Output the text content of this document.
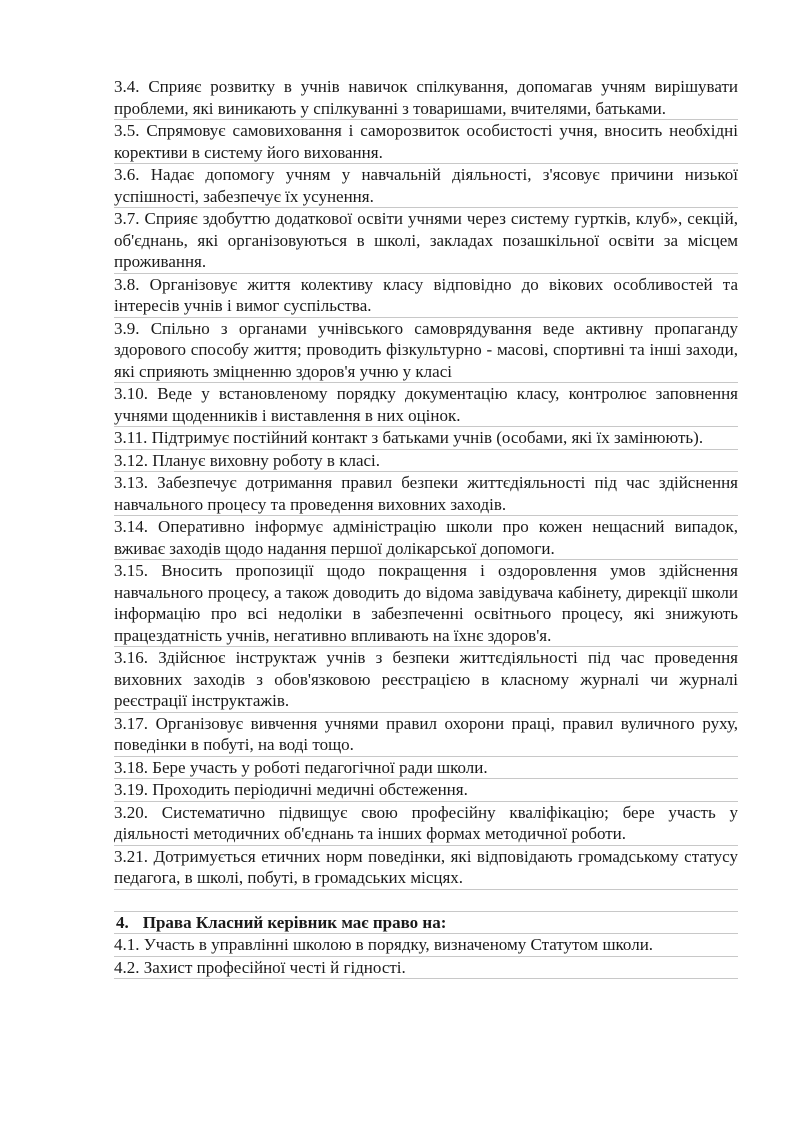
3.4. Сприяє розвитку в учнів навичок спілкування, допомагав учням вирішувати проблеми, які виникають у спілкуванні з товаришами, вчителями, батьками.
3.5. Спрямовує самовиховання і саморозвиток особистості учня, вносить необхідні корективи в систему його виховання.
3.6. Надає допомогу учням у навчальній діяльності, з'ясовує причини низької успішності, забезпечує їх усунення.
3.7. Сприяє здобуттю додаткової освіти учнями через систему гуртків, клуб», секцій, об'єднань, які організовуються в школі, закладах позашкільної освіти за місцем проживання.
3.8. Організовує життя колективу класу відповідно до вікових особливостей та інтересів учнів і вимог суспільства.
3.9. Спільно з органами учнівського самоврядування веде активну пропаганду здорового способу життя; проводить фізкультурно - масові, спортивні та інші заходи, які сприяють зміцненню здоров'я учню у класі
3.10. Веде у встановленому порядку документацію класу, контролює заповнення учнями щоденників і виставлення в них оцінок.
3.11. Підтримує постійний контакт з батьками учнів (особами, які їх замінюють).
3.12. Планує виховну роботу в класі.
3.13. Забезпечує дотримання правил безпеки життєдіяльності під час здійснення навчального процесу та проведення виховних заходів.
3.14. Оперативно інформує адміністрацію школи про кожен нещасний випадок, вживає заходів щодо надання першої долікарської допомоги.
3.15. Вносить пропозиції щодо покращення і оздоровлення умов здійснення навчального процесу, а також доводить до відома завідувача кабінету, дирекції школи інформацію про всі недоліки в забезпеченні освітнього процесу, які знижують працездатність учнів, негативно впливають на їхнє здоров'я.
3.16. Здійснює інструктаж учнів з безпеки життєдіяльності під час проведення виховних заходів з обов'язковою реєстрацією в класному журналі чи журналі реєстрації інструктажів.
3.17. Організовує вивчення учнями правил охорони праці, правил вуличного руху, поведінки в побуті, на воді тощо.
3.18. Бере участь у роботі педагогічної ради школи.
3.19. Проходить періодичні медичні обстеження.
3.20. Систематично підвищує свою професійну кваліфікацію; бере участь у діяльності методичних об'єднань та інших формах методичної роботи.
3.21. Дотримується етичних норм поведінки, які відповідають громадському статусу педагога, в школі, побуті, в громадських місцях.
4. Права Класний керівник має право на:
4.1. Участь в управлінні школою в порядку, визначеному Статутом школи.
4.2. Захист професійної честі й гідності.
